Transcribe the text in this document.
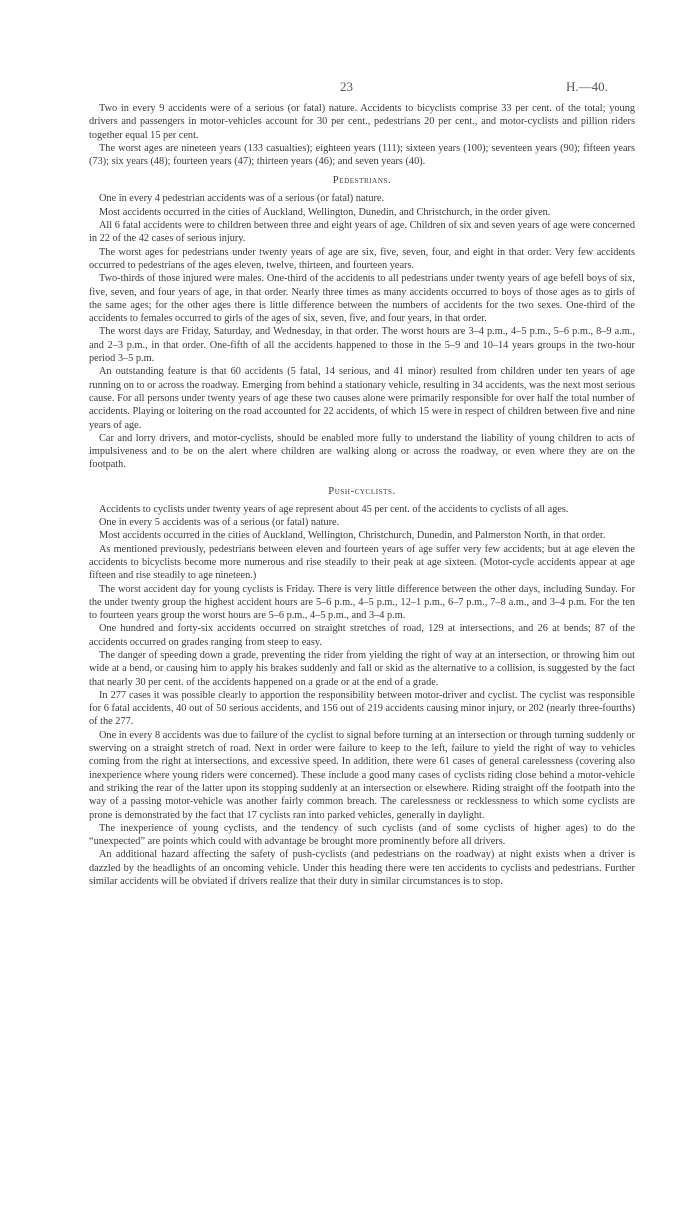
23	H.—40.

Two in every 9 accidents were of a serious (or fatal) nature. Accidents to bicyclists comprise 33 per cent. of the total; young drivers and passengers in motor-vehicles account for 30 per cent., pedestrians 20 per cent., and motor-cyclists and pillion riders together equal 15 per cent.

The worst ages are nineteen years (133 casualties); eighteen years (111); sixteen years (100); seventeen years (90); fifteen years (73); six years (48); fourteen years (47); thirteen years (46); and seven years (40).

Pedestrians.

One in every 4 pedestrian accidents was of a serious (or fatal) nature.

Most accidents occurred in the cities of Auckland, Wellington, Dunedin, and Christchurch, in the order given.

All 6 fatal accidents were to children between three and eight years of age. Children of six and seven years of age were concerned in 22 of the 42 cases of serious injury.

The worst ages for pedestrians under twenty years of age are six, five, seven, four, and eight in that order. Very few accidents occurred to pedestrians of the ages eleven, twelve, thirteen, and fourteen years.

Two-thirds of those injured were males. One-third of the accidents to all pedestrians under twenty years of age befell boys of six, five, seven, and four years of age, in that order. Nearly three times as many accidents occurred to boys of those ages as to girls of the same ages; for the other ages there is little difference between the numbers of accidents for the two sexes. One-third of the accidents to females occurred to girls of the ages of six, seven, five, and four years, in that order.

The worst days are Friday, Saturday, and Wednesday, in that order. The worst hours are 3–4 p.m., 4–5 p.m., 5–6 p.m., 8–9 a.m., and 2–3 p.m., in that order. One-fifth of all the accidents happened to those in the 5–9 and 10–14 years groups in the two-hour period 3–5 p.m.

An outstanding feature is that 60 accidents (5 fatal, 14 serious, and 41 minor) resulted from children under ten years of age running on to or across the roadway. Emerging from behind a stationary vehicle, resulting in 34 accidents, was the next most serious cause. For all persons under twenty years of age these two causes alone were primarily responsible for over half the total number of accidents. Playing or loitering on the road accounted for 22 accidents, of which 15 were in respect of children between five and nine years of age.

Car and lorry drivers, and motor-cyclists, should be enabled more fully to understand the liability of young children to acts of impulsiveness and to be on the alert where children are walking along or across the roadway, or even where they are on the footpath.

Push-cyclists.

Accidents to cyclists under twenty years of age represent about 45 per cent. of the accidents to cyclists of all ages.

One in every 5 accidents was of a serious (or fatal) nature.

Most accidents occurred in the cities of Auckland, Wellington, Christchurch, Dunedin, and Palmerston North, in that order.

As mentioned previously, pedestrians between eleven and fourteen years of age suffer very few accidents; but at age eleven the accidents to bicyclists become more numerous and rise steadily to their peak at age sixteen. (Motor-cycle accidents appear at age fifteen and rise steadily to age nineteen.)

The worst accident day for young cyclists is Friday. There is very little difference between the other days, including Sunday. For the under twenty group the highest accident hours are 5–6 p.m., 4–5 p.m., 12–1 p.m., 6–7 p.m., 7–8 a.m., and 3–4 p.m. For the ten to fourteen years group the worst hours are 5–6 p.m., 4–5 p.m., and 3–4 p.m.

One hundred and forty-six accidents occurred on straight stretches of road, 129 at intersections, and 26 at bends; 87 of the accidents occurred on grades ranging from steep to easy.

The danger of speeding down a grade, preventing the rider from yielding the right of way at an intersection, or throwing him out wide at a bend, or causing him to apply his brakes suddenly and fall or skid as the alternative to a collision, is suggested by the fact that nearly 30 per cent. of the accidents happened on a grade or at the end of a grade.

In 277 cases it was possible clearly to apportion the responsibility between motor-driver and cyclist. The cyclist was responsible for 6 fatal accidents, 40 out of 50 serious accidents, and 156 out of 219 accidents causing minor injury, or 202 (nearly three-fourths) of the 277.

One in every 8 accidents was due to failure of the cyclist to signal before turning at an intersection or through turning suddenly or swerving on a straight stretch of road. Next in order were failure to keep to the left, failure to yield the right of way to vehicles coming from the right at intersections, and excessive speed. In addition, there were 61 cases of general carelessness (covering also inexperience where young riders were concerned). These include a good many cases of cyclists riding close behind a motor-vehicle and striking the rear of the latter upon its stopping suddenly at an intersection or elsewhere. Riding straight off the footpath into the way of a passing motor-vehicle was another fairly common breach. The carelessness or recklessness to which some cyclists are prone is demonstrated by the fact that 17 cyclists ran into parked vehicles, generally in daylight.

The inexperience of young cyclists, and the tendency of such cyclists (and of some cyclists of higher ages) to do the “unexpected” are points which could with advantage be brought more prominently before all drivers.

An additional hazard affecting the safety of push-cyclists (and pedestrians on the roadway) at night exists when a driver is dazzled by the headlights of an oncoming vehicle. Under this heading there were ten accidents to cyclists and pedestrians. Further similar accidents will be obviated if drivers realize that their duty in similar circumstances is to stop.
